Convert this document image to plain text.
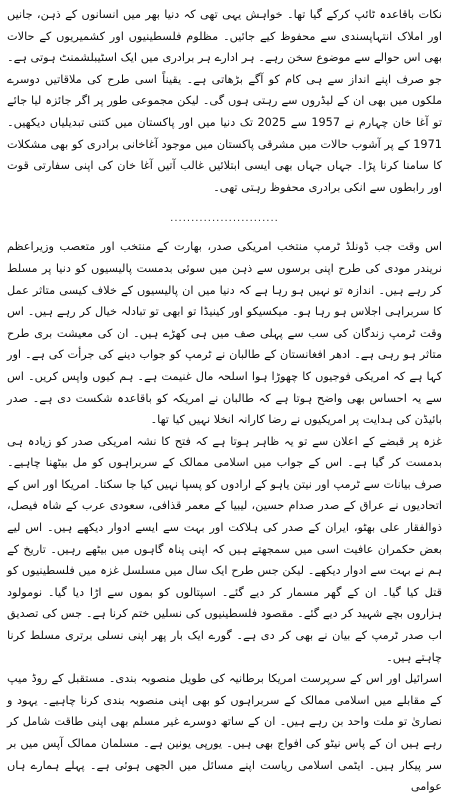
نکات باقاعدہ ٹائپ کرکے گیا تھا۔ خواہش یہی تھی کہ دنیا بھر میں انسانوں کے ذہن، جانیں اور املاک انتہاپسندی سے محفوظ کیے جائیں۔ مظلوم فلسطینیوں اور کشمیریوں کے حالات بھی اس حوالے سے موضوع سخن رہے۔ ہر ادارے ہر برادری میں ایک اسٹیبلشمنٹ ہوتی ہے۔ جو صرف اپنے انداز سے ہی کام کو آگے بڑھاتی ہے۔ یقیناً اسی طرح کی ملاقاتیں دوسرے ملکوں میں بھی ان کے لیڈروں سے رہتی ہوں گی۔ لیکن مجموعی طور پر اگر جائزہ لیا جائے تو آغا خان چہارم نے 1957 سے 2025 تک دنیا میں اور پاکستان میں کتنی تبدیلیاں دیکھیں۔ 1971 کے پر آشوب حالات میں مشرقی پاکستان میں موجود آغاخانی برادری کو بھی مشکلات کا سامنا کرنا پڑا۔ جہاں جہاں بھی ایسی ابتلائیں غالب آتیں آغا خان کی اپنی سفارتی قوت اور رابطوں سے انکی برادری محفوظ رہتی تھی۔

..........................

اس وقت جب ڈونلڈ ٹرمپ منتخب امریکی صدر، بھارت کے منتخب اور متعصب وزیراعظم نریندر مودی کی طرح اپنی برسوں سے ذہن میں سوئی بدمست پالیسیوں کو دنیا پر مسلط کر رہے ہیں۔ اندازہ تو نہیں ہو رہا ہے کہ دنیا میں ان پالیسیوں کے خلاف کیسی متاثر عمل کا سربراہی اجلاس ہو رہا ہو۔ میکسیکو اور کینیڈا تو ابھی تو تبادلہ خیال کر رہے ہیں۔ اس وقت ٹرمپ زندگان کی سب سے پہلی صف میں ہی کھڑے ہیں۔ ان کی معیشت بری طرح متاثر ہو رہی ہے۔ ادھر افغانستان کے طالبان نے ٹرمپ کو جواب دینے کی جرأت کی ہے۔ اور کہا ہے کہ امریکی فوجیوں کا چھوڑا ہوا اسلحہ مال غنیمت ہے۔ ہم کیوں واپس کریں۔ اس سے یہ احساس بھی واضح ہوتا ہے کہ طالبان نے امریکہ کو باقاعدہ شکست دی ہے۔ صدر بائیڈن کی ہدایت پر امریکیوں نے رضا کارانہ انخلا نہیں کیا تھا۔

غزہ پر قبضے کے اعلان سے تو یہ ظاہر ہوتا ہے کہ فتح کا نشہ امریکی صدر کو زیادہ ہی بدمست کر گیا ہے۔ اس کے جواب میں اسلامی ممالک کے سربراہوں کو مل بیٹھنا چاہیے۔ صرف بیانات سے ٹرمپ اور نیتن یاہو کے ارادوں کو پسپا نہیں کیا جا سکتا۔ امریکا اور اس کے اتحادیوں نے عراق کے صدر صدام حسین، لیبیا کے معمر قذافی، سعودی عرب کے شاہ فیصل، ذوالفقار علی بھٹو، ایران کے صدر کی ہلاکت اور بہت سے ایسے ادوار دیکھے ہیں۔ اس لیے بعض حکمران عافیت اسی میں سمجھتے ہیں کہ اپنی پناہ گاہوں میں بیٹھے رہیں۔ تاریخ کے ہم نے بہت سے ادوار دیکھے۔ لیکن جس طرح ایک سال میں مسلسل غزہ میں فلسطینیوں کو قتل کیا گیا۔ ان کے گھر مسمار کر دیے گئے۔ اسپتالوں کو بموں سے اڑا دیا گیا۔ نومولود ہزاروں بچے شہید کر دیے گئے۔ مقصود فلسطینیوں کی نسلیں ختم کرنا ہے۔ جس کی تصدیق اب صدر ٹرمپ کے بیان نے بھی کر دی ہے۔ گورے ایک بار پھر اپنی نسلی برتری مسلط کرنا چاہتے ہیں۔

اسرائیل اور اس کے سرپرست امریکا برطانیہ کی طویل منصوبہ بندی۔ مستقبل کے روڈ میپ کے مقابلے میں اسلامی ممالک کے سربراہوں کو بھی اپنی منصوبہ بندی کرنا چاہیے۔ یہود و نصاریٰ تو ملت واحد بن رہے ہیں۔ ان کے ساتھ دوسرے غیر مسلم بھی اپنی طاقت شامل کر رہے ہیں ان کے پاس نیٹو کی افواج بھی ہیں۔ یورپی یونین ہے۔ مسلمان ممالک آپس میں بر سر پیکار ہیں۔ ایٹمی اسلامی ریاست اپنے مسائل میں الجھی ہوئی ہے۔ پہلے ہمارے ہاں عوامی
